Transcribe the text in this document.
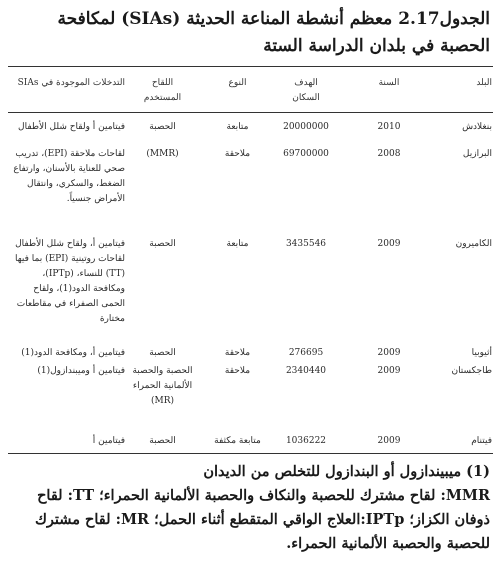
الجدول2.17 معظم أنشطة المناعة الحديثة (SIAs) لمكافحة الحصبة في بلدان الدراسة الستة
البلد
السنة
الهدف
السكان
النوع
اللقاح
المستخدم
التدخلات الموجودة في SIAs
بنغلادش
2010
20000000
متابعة
الحصبة
فيتامين أ ولقاح شلل الأطفال
البرازيل
2008
69700000
ملاحقة
(MMR)
لقاحات ملاحقة (EPI)، تدريب صحي للعناية بالأسنان، وارتفاع الضغط، والسكري، وانتقال الأمراض جنسياً.
الكاميرون
2009
3435546
متابعة
الحصبة
فيتامين أ، ولقاح شلل الأطفال لقاحات روتينية (EPI) بما فيها (TT) للنساء، (IPTp)، ومكافحة الدود(1)، ولقاح الحمى الصفراء في مقاطعات مختارة
أثيوبيا
2009
276695
ملاحقة
الحصبة
فيتامين أ، ومكافحة الدود(1)
طاجكستان
2009
2340440
ملاحقة
الحصبة والحصبة الألمانية الحمراء (MR)
فيتامين أ وميبندازول(1)
فيتنام
2009
1036222
متابعة مكثفة
الحصبة
فيتامين أ

(1) ميبيندازول أو البندازول للتخلص من الديدان

MMR: لقاح مشترك للحصبة والنكاف والحصبة الألمانية الحمراء؛ TT: لقاح ذوفان الكزاز؛ IPTp:العلاج الواقي المتقطع أثناء الحمل؛ MR: لقاح مشترك للحصبة والحصبة الألمانية الحمراء.
